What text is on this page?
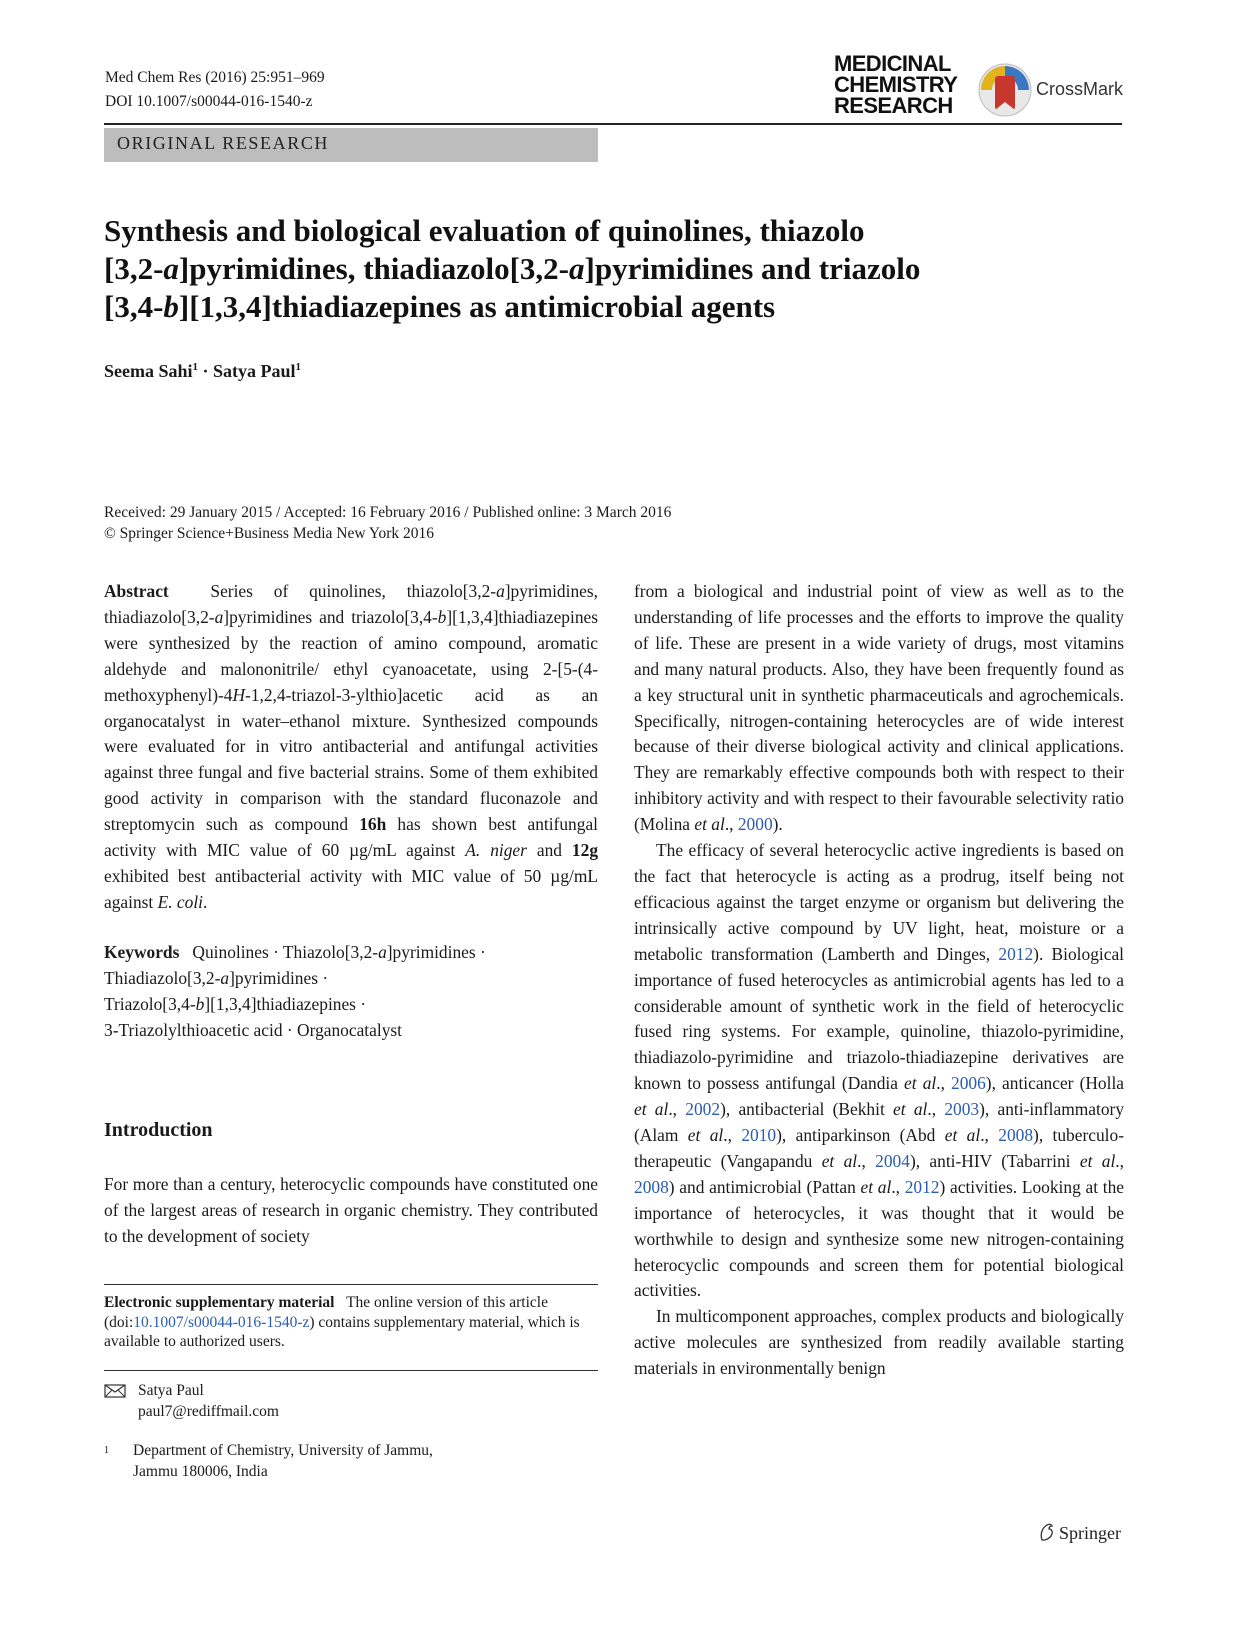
Med Chem Res (2016) 25:951–969
DOI 10.1007/s00044-016-1540-z
MEDICINAL
CHEMISTRY
RESEARCH
CrossMark
ORIGINAL RESEARCH
Synthesis and biological evaluation of quinolines, thiazolo
[3,2-a]pyrimidines, thiadiazolo[3,2-a]pyrimidines and triazolo
[3,4-b][1,3,4]thiadiazepines as antimicrobial agents
Seema Sahi$^1$ · Satya Paul$^1$
Received: 29 January 2015 / Accepted: 16 February 2016 / Published online: 3 March 2016
© Springer Science+Business Media New York 2016

Abstract Series of quinolines, thiazolo[3,2-a]pyrimidines, thiadiazolo[3,2-a]pyrimidines and triazolo[3,4-b][1,3,4]thiadiazepines were synthesized by the reaction of amino compound, aromatic aldehyde and malononitrile/ ethyl cyanoacetate, using 2-[5-(4-methoxyphenyl)-4H-1,2,4-triazol-3-ylthio]acetic acid as an organocatalyst in water–ethanol mixture. Synthesized compounds were evaluated for in vitro antibacterial and antifungal activities against three fungal and five bacterial strains. Some of them exhibited good activity in comparison with the standard fluconazole and streptomycin such as compound 16h has shown best antifungal activity with MIC value of 60 µg/mL against A. niger and 12g exhibited best antibacterial activity with MIC value of 50 µg/mL against E. coli.

Keywords Quinolines · Thiazolo[3,2-a]pyrimidines ·
Thiadiazolo[3,2-a]pyrimidines ·
Triazolo[3,4-b][1,3,4]thiadiazepines ·
3-Triazolylthioacetic acid · Organocatalyst

Introduction

For more than a century, heterocyclic compounds have constituted one of the largest areas of research in organic chemistry. They contributed to the development of society

Electronic supplementary material The online version of this article (doi:10.1007/s00044-016-1540-z) contains supplementary material, which is available to authorized users.
Satya Paul
paul7@rediffmail.com
$^1$ Department of Chemistry, University of Jammu,
Jammu 180006, India

from a biological and industrial point of view as well as to the understanding of life processes and the efforts to improve the quality of life. These are present in a wide variety of drugs, most vitamins and many natural products. Also, they have been frequently found as a key structural unit in synthetic pharmaceuticals and agrochemicals. Specifically, nitrogen-containing heterocycles are of wide interest because of their diverse biological activity and clinical applications. They are remarkably effective compounds both with respect to their inhibitory activity and with respect to their favourable selectivity ratio (Molina et al., 2000).

The efficacy of several heterocyclic active ingredients is based on the fact that heterocycle is acting as a prodrug, itself being not efficacious against the target enzyme or organism but delivering the intrinsically active compound by UV light, heat, moisture or a metabolic transformation (Lamberth and Dinges, 2012). Biological importance of fused heterocycles as antimicrobial agents has led to a considerable amount of synthetic work in the field of heterocyclic fused ring systems. For example, quinoline, thiazolo-pyrimidine, thiadiazolo-pyrimidine and triazolo-thiadiazepine derivatives are known to possess antifungal (Dandia et al., 2006), anticancer (Holla et al., 2002), antibacterial (Bekhit et al., 2003), anti-inflammatory (Alam et al., 2010), antiparkinson (Abd et al., 2008), tuberculo-therapeutic (Vangapandu et al., 2004), anti-HIV (Tabarrini et al., 2008) and antimicrobial (Pattan et al., 2012) activities. Looking at the importance of heterocycles, it was thought that it would be worthwhile to design and synthesize some new nitrogen-containing heterocyclic compounds and screen them for potential biological activities.

In multicomponent approaches, complex products and biologically active molecules are synthesized from readily available starting materials in environmentally benign

Springer
